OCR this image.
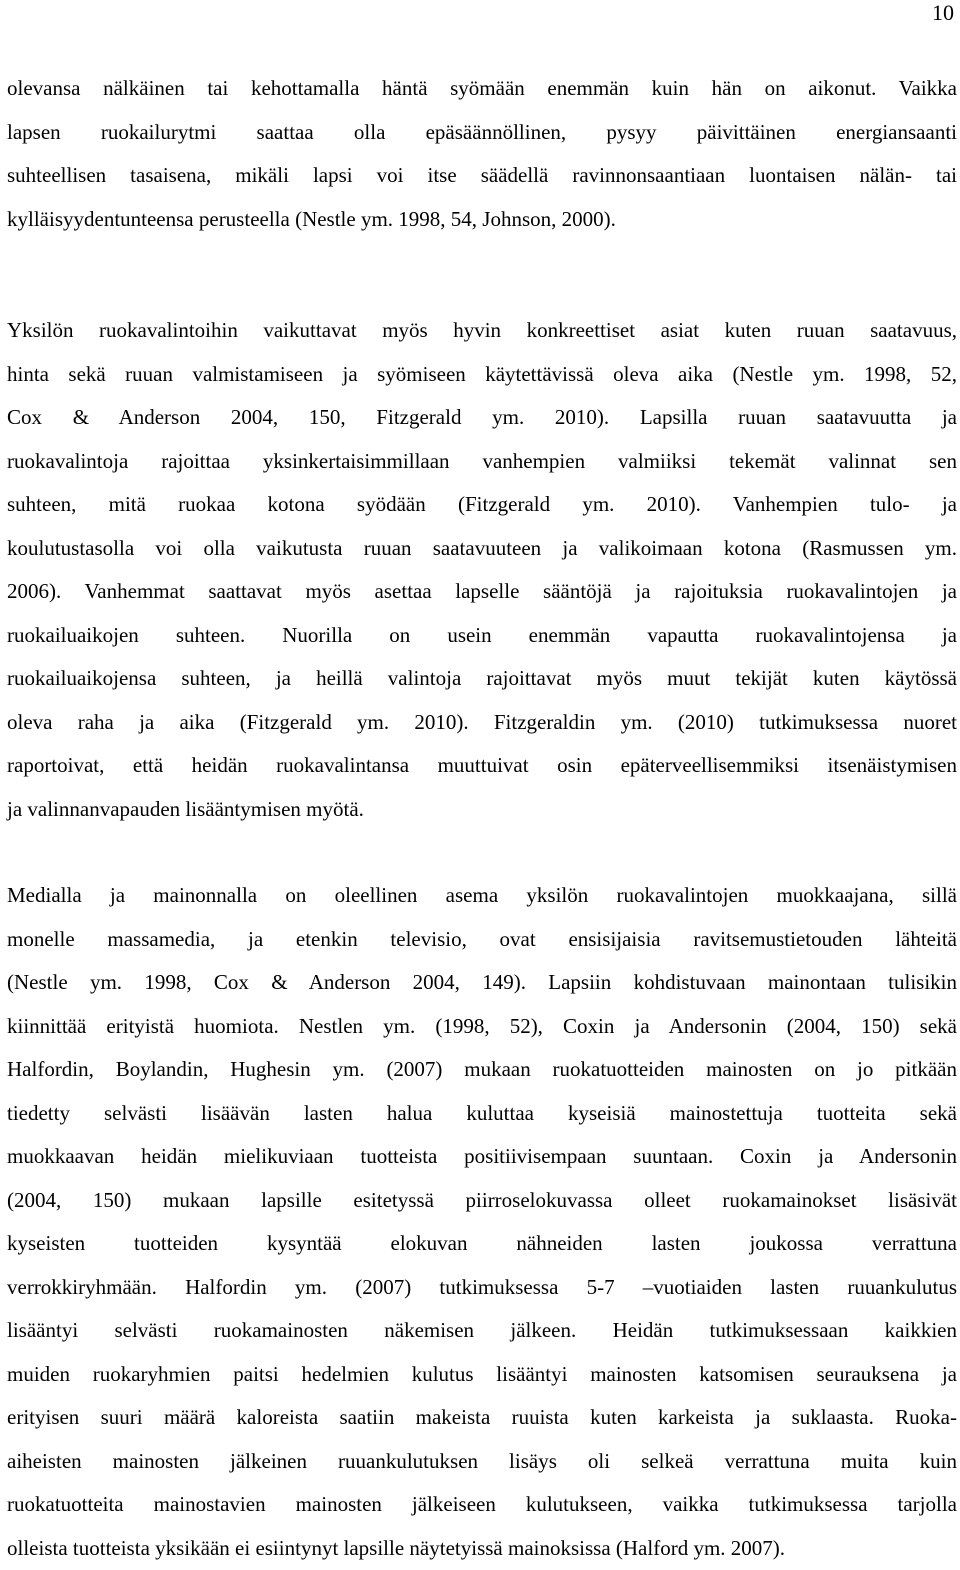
10

olevansa nälkäinen tai kehottamalla häntä syömään enemmän kuin hän on aikonut. Vaikka
lapsen ruokailurytmi saattaa olla epäsäännöllinen, pysyy päivittäinen energiansaanti
suhteellisen tasaisena, mikäli lapsi voi itse säädellä ravinnonsaantiaan luontaisen nälän- tai
kylläisyydentunteensa perusteella (Nestle ym. 1998, 54, Johnson, 2000).

Yksilön ruokavalintoihin vaikuttavat myös hyvin konkreettiset asiat kuten ruuan saatavuus,
hinta sekä ruuan valmistamiseen ja syömiseen käytettävissä oleva aika (Nestle ym. 1998, 52,
Cox & Anderson 2004, 150, Fitzgerald ym. 2010). Lapsilla ruuan saatavuutta ja
ruokavalintoja rajoittaa yksinkertaisimmillaan vanhempien valmiiksi tekemät valinnat sen
suhteen, mitä ruokaa kotona syödään (Fitzgerald ym. 2010). Vanhempien tulo- ja
koulutustasolla voi olla vaikutusta ruuan saatavuuteen ja valikoimaan kotona (Rasmussen ym.
2006). Vanhemmat saattavat myös asettaa lapselle sääntöjä ja rajoituksia ruokavalintojen ja
ruokailuaikojen suhteen. Nuorilla on usein enemmän vapautta ruokavalintojensa ja
ruokailuaikojensa suhteen, ja heillä valintoja rajoittavat myös muut tekijät kuten käytössä
oleva raha ja aika (Fitzgerald ym. 2010). Fitzgeraldin ym. (2010) tutkimuksessa nuoret
raportoivat, että heidän ruokavalintansa muuttuivat osin epäterveellisemmiksi itsenäistymisen
ja valinnanvapauden lisääntymisen myötä.

Medialla ja mainonnalla on oleellinen asema yksilön ruokavalintojen muokkaajana, sillä
monelle massamedia, ja etenkin televisio, ovat ensisijaisia ravitsemustietouden lähteitä
(Nestle ym. 1998, Cox & Anderson 2004, 149). Lapsiin kohdistuvaan mainontaan tulisikin
kiinnittää erityistä huomiota. Nestlen ym. (1998, 52), Coxin ja Andersonin (2004, 150) sekä
Halfordin, Boylandin, Hughesin ym. (2007) mukaan ruokatuotteiden mainosten on jo pitkään
tiedetty selvästi lisäävän lasten halua kuluttaa kyseisiä mainostettuja tuotteita sekä
muokkaavan heidän mielikuviaan tuotteista positiivisempaan suuntaan. Coxin ja Andersonin
(2004, 150) mukaan lapsille esitetyssä piirroselokuvassa olleet ruokamainokset lisäsivät
kyseisten tuotteiden kysyntää elokuvan nähneiden lasten joukossa verrattuna
verrokkiryhmään. Halfordin ym. (2007) tutkimuksessa 5-7 –vuotiaiden lasten ruuankulutus
lisääntyi selvästi ruokamainosten näkemisen jälkeen. Heidän tutkimuksessaan kaikkien
muiden ruokaryhmien paitsi hedelmien kulutus lisääntyi mainosten katsomisen seurauksena ja
erityisen suuri määrä kaloreista saatiin makeista ruuista kuten karkeista ja suklaasta. Ruoka-
aiheisten mainosten jälkeinen ruuankulutuksen lisäys oli selkeä verrattuna muita kuin
ruokatuotteita mainostavien mainosten jälkeiseen kulutukseen, vaikka tutkimuksessa tarjolla
olleista tuotteista yksikään ei esiintynyt lapsille näytetyissä mainoksissa (Halford ym. 2007).
